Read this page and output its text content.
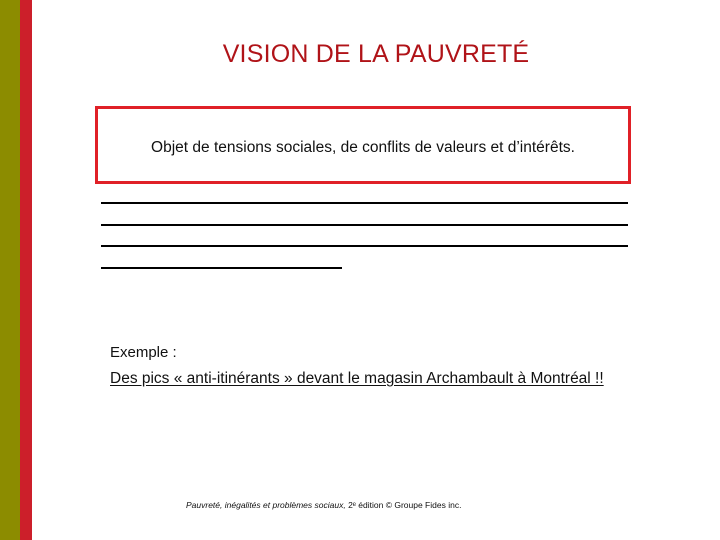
VISION DE LA PAUVRETÉ
Objet de tensions sociales, de conflits de valeurs et d’intérêts.
Exemple :
Des pics « anti-itinérants » devant le magasin Archambault à Montréal !!
Pauvreté, inégalités et problèmes sociaux, 2ᵉ édition © Groupe Fides inc.
